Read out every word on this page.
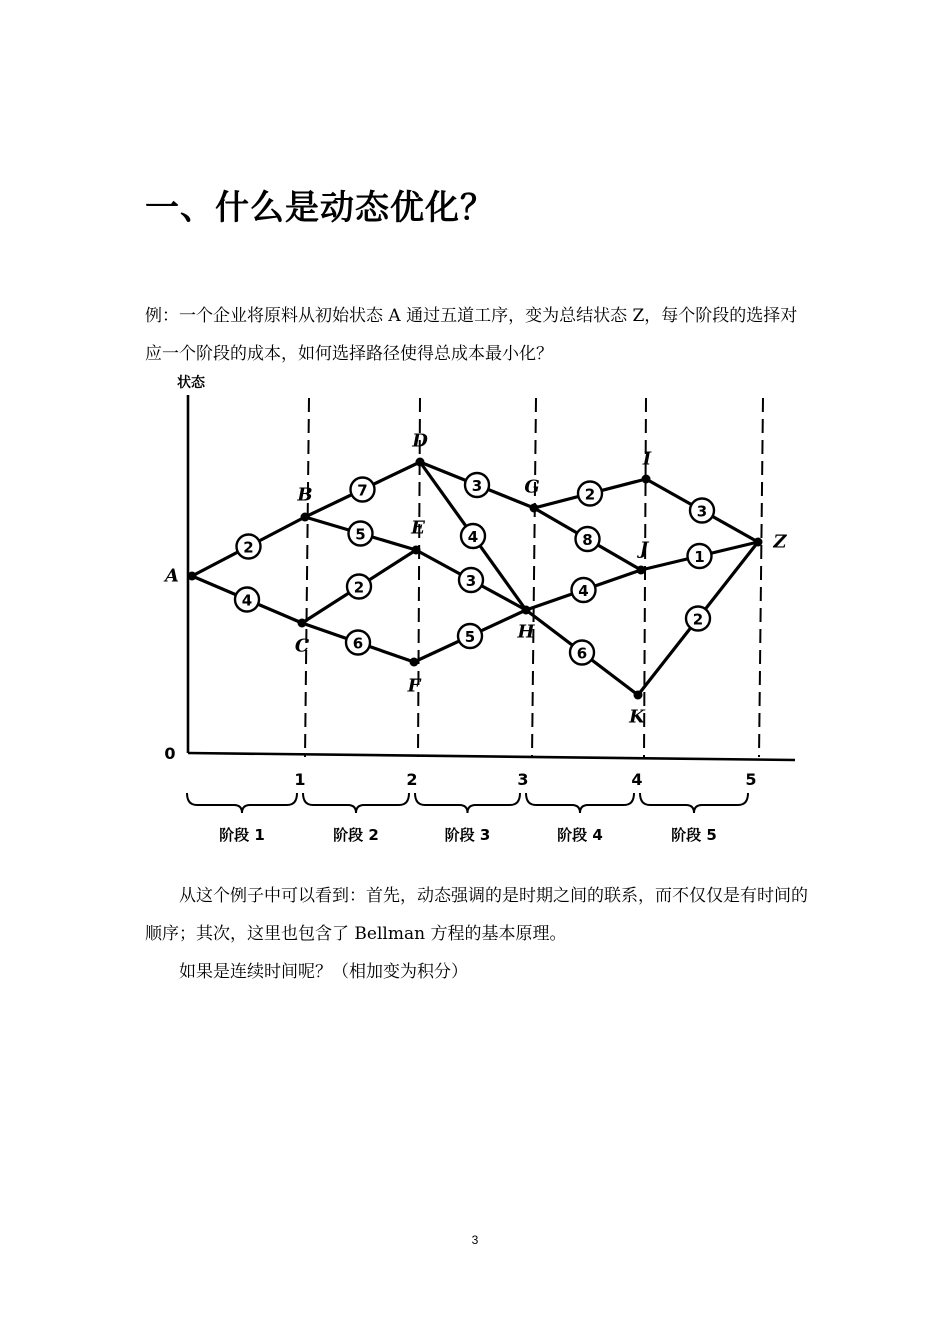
一、什么是动态优化？
例：一个企业将原料从初始状态 A 通过五道工序，变为总结状态 Z，每个阶段的选择对应一个阶段的成本，如何选择路径使得总成本最小化？
2
4
7
5
2
6
3
4
3
5
2
8
4
6
3
1
2
A
B
C
D
E
F
G
H
I
J
K
Z
状态
0
1	2	3	4	5
阶段 1	阶段 2	阶段 3	阶段 4	阶段 5
从这个例子中可以看到：首先，动态强调的是时期之间的联系，而不仅仅是有时间的顺序；其次，这里也包含了 Bellman 方程的基本原理。
如果是连续时间呢？（相加变为积分）
3
